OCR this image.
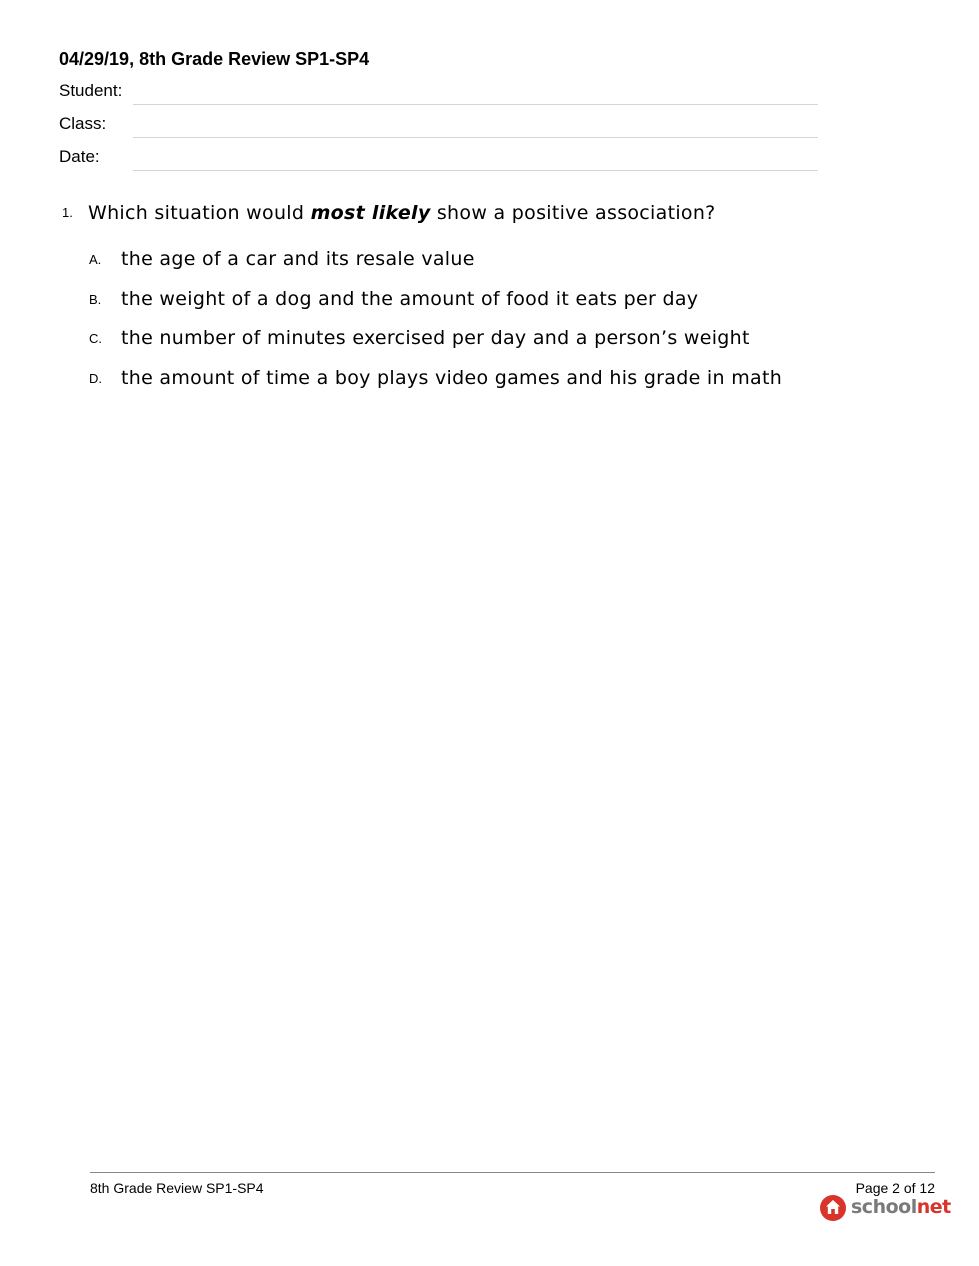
04/29/19, 8th Grade Review SP1-SP4
Student:
Class:
Date:
1. Which situation would most likely show a positive association?
A. the age of a car and its resale value
B. the weight of a dog and the amount of food it eats per day
C. the number of minutes exercised per day and a person’s weight
D. the amount of time a boy plays video games and his grade in math
8th Grade Review SP1-SP4	Page 2 of 12
schoolnet
